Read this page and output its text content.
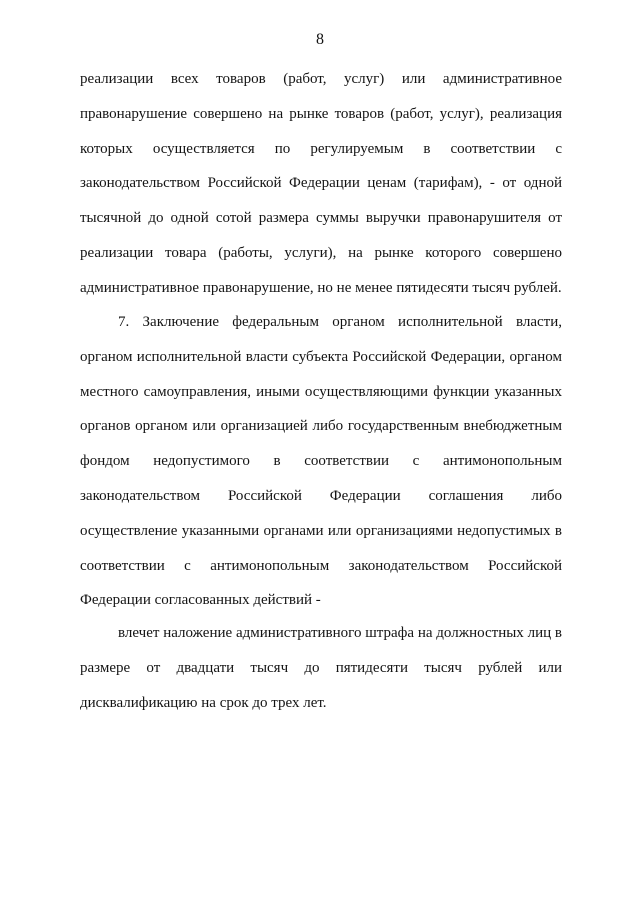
8
реализации всех товаров (работ, услуг) или административное
правонарушение совершено на рынке товаров (работ, услуг), реализация
которых осуществляется по регулируемым в соответствии с
законодательством Российской Федерации ценам (тарифам), - от одной
тысячной до одной сотой размера суммы выручки правонарушителя от
реализации товара (работы, услуги), на рынке которого совершено
административное правонарушение, но не менее пятидесяти тысяч рублей.
7. Заключение федеральным органом исполнительной власти,
органом исполнительной власти субъекта Российской Федерации, органом
местного самоуправления, иными осуществляющими функции указанных
органов органом или организацией либо государственным внебюджетным
фондом недопустимого в соответствии с антимонопольным
законодательством Российской Федерации соглашения либо
осуществление указанными органами или организациями недопустимых в
соответствии с антимонопольным законодательством Российской
Федерации согласованных действий -
влечет наложение административного штрафа на должностных лиц в
размере от двадцати тысяч до пятидесяти тысяч рублей или
дисквалификацию на срок до трех лет.
